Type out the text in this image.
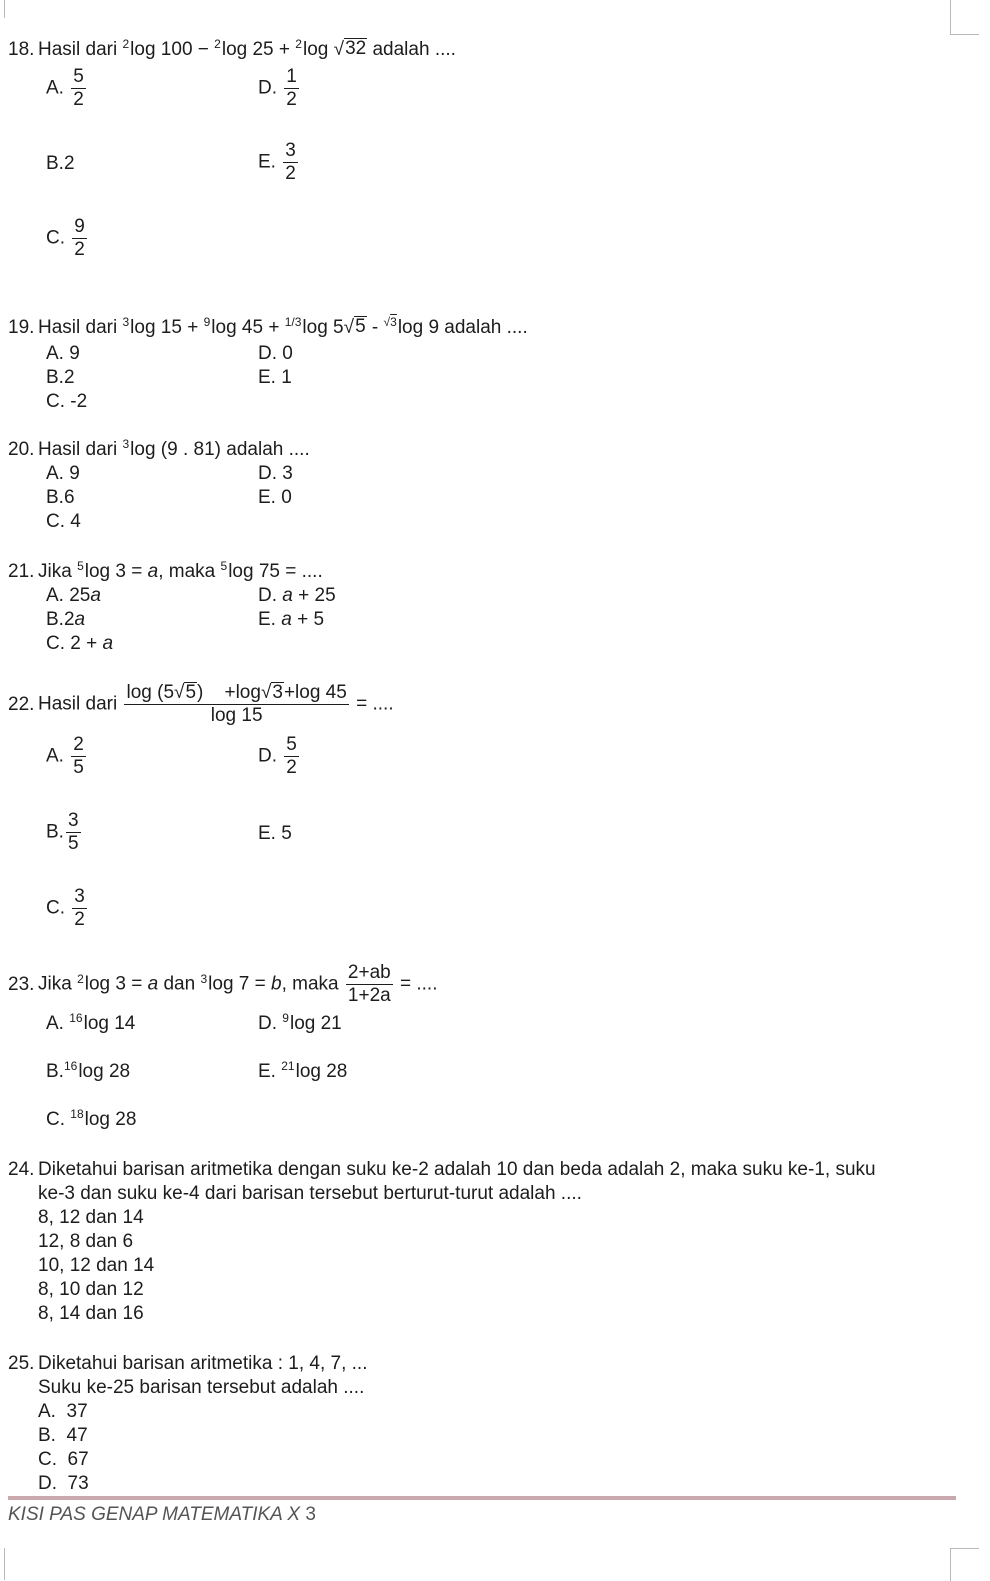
18. Hasil dari $^2$log 100 − $^2$log 25 + $^2$log √ 32 adalah ....
A. $\frac{5}{2}$	D. $\frac{1}{2}$
B.2	E. $\frac{3}{2}$
C. $\frac{9}{2}$
19. Hasil dari $^3$log 15 + $^9$log 45 + $^{1/3}$log 5 √ 5 - $^{√3}$log 9 adalah ....
A. 9	D. 0
B.2	E. 1
C. -2
20. Hasil dari $^3$log (9 . 81) adalah ....
A. 9	D. 3
B.6	E. 0
C. 4
21. Jika $^5$log 3 = a, maka $^5$log 75 = ....
A. 25a	D. a + 25
B.2a	E. a + 5
C. 2 + a
22. Hasil dari $\frac{\log (5 √ 5 ) +\log √ 3 +\log 45}{\log 15}$ = ....
A. $\frac{2}{5}$	D. $\frac{5}{2}$
B. $\frac{3}{5}$	E. 5
C. $\frac{3}{2}$
23. Jika $^2$log 3 = a dan $^3$log 7 = b, maka $\frac{2+ab}{1+2a}$ = ....
A. $^{16}$log 14	D. $^9$log 21
B.$^{16}$log 28	E. $^{21}$log 28
C. $^{18}$log 28
24. Diketahui barisan aritmetika dengan suku ke-2 adalah 10 dan beda adalah 2, maka suku ke-1, suku
ke-3 dan suku ke-4 dari barisan tersebut berturut-turut adalah ....
8, 12 dan 14
12, 8 dan 6
10, 12 dan 14
8, 10 dan 12
8, 14 dan 16
25. Diketahui barisan aritmetika : 1, 4, 7, ...
Suku ke-25 barisan tersebut adalah ....
A.  37
B.  47
C.  67
D.  73
KISI PAS GENAP MATEMATIKA X 3
